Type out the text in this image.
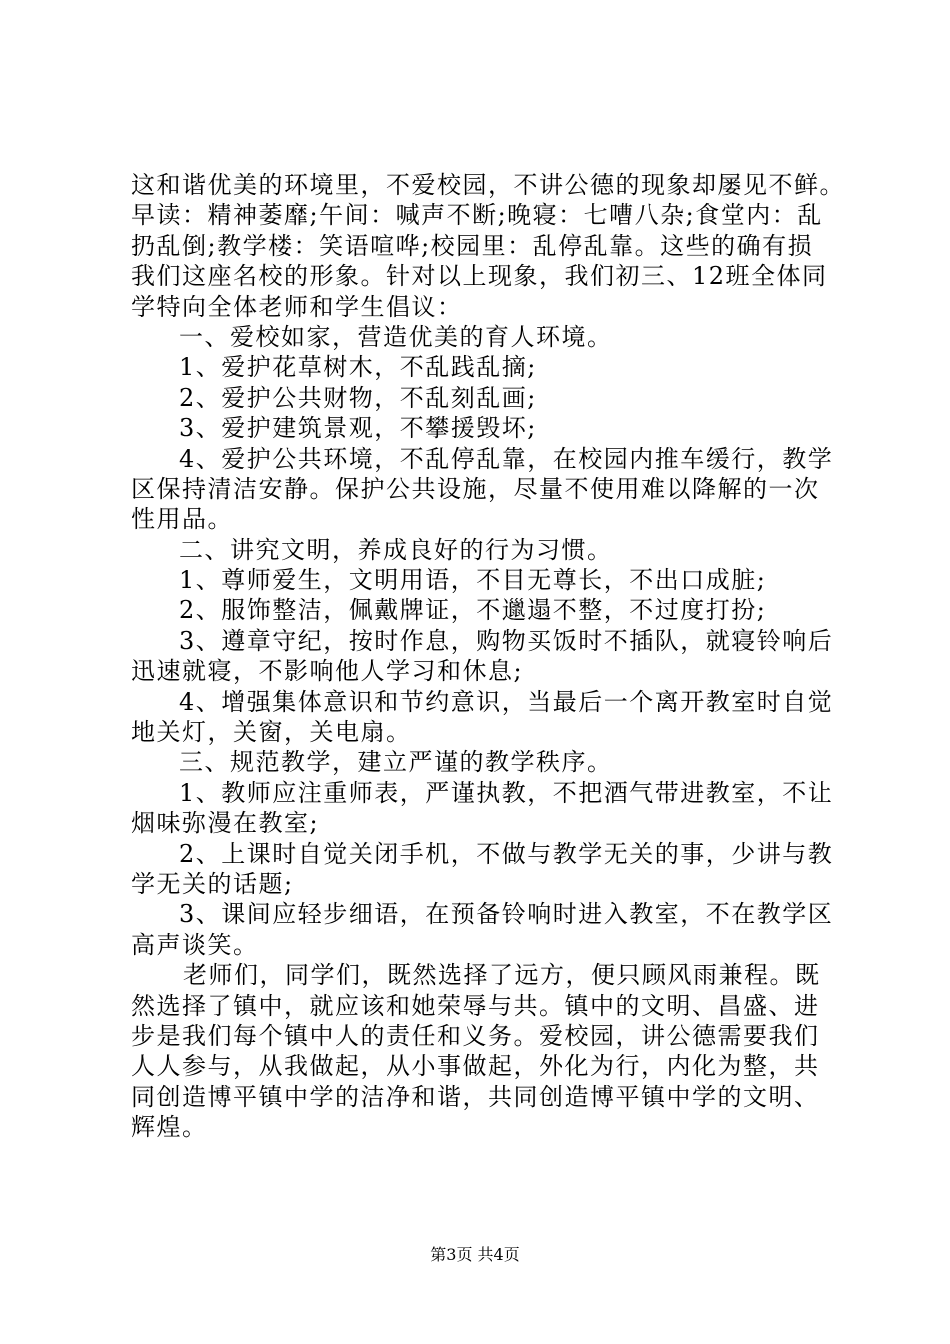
这和谐优美的环境里，不爱校园，不讲公德的现象却屡见不鲜。
早读：精神萎靡;午间：喊声不断;晚寝：七嘈八杂;食堂内：乱
扔乱倒;教学楼：笑语喧哗;校园里：乱停乱靠。这些的确有损
我们这座名校的形象。针对以上现象，我们初三、12班全体同
学特向全体老师和学生倡议：
一、爱校如家，营造优美的育人环境。
1、爱护花草树木，不乱践乱摘;
2、爱护公共财物，不乱刻乱画;
3、爱护建筑景观，不攀援毁坏;
4、爱护公共环境，不乱停乱靠，在校园内推车缓行，教学
区保持清洁安静。保护公共设施，尽量不使用难以降解的一次
性用品。
二、讲究文明，养成良好的行为习惯。
1、尊师爱生，文明用语，不目无尊长，不出口成脏;
2、服饰整洁，佩戴牌证，不邋遢不整，不过度打扮;
3、遵章守纪，按时作息，购物买饭时不插队，就寝铃响后
迅速就寝，不影响他人学习和休息;
4、增强集体意识和节约意识，当最后一个离开教室时自觉
地关灯，关窗，关电扇。
三、规范教学，建立严谨的教学秩序。
1、教师应注重师表，严谨执教，不把酒气带进教室，不让
烟味弥漫在教室;
2、上课时自觉关闭手机，不做与教学无关的事，少讲与教
学无关的话题;
3、课间应轻步细语，在预备铃响时进入教室，不在教学区
高声谈笑。
老师们，同学们，既然选择了远方，便只顾风雨兼程。既
然选择了镇中，就应该和她荣辱与共。镇中的文明、昌盛、进
步是我们每个镇中人的责任和义务。爱校园，讲公德需要我们
人人参与，从我做起，从小事做起，外化为行，内化为整，共
同创造博平镇中学的洁净和谐，共同创造博平镇中学的文明、
辉煌。
第3页 共4页
